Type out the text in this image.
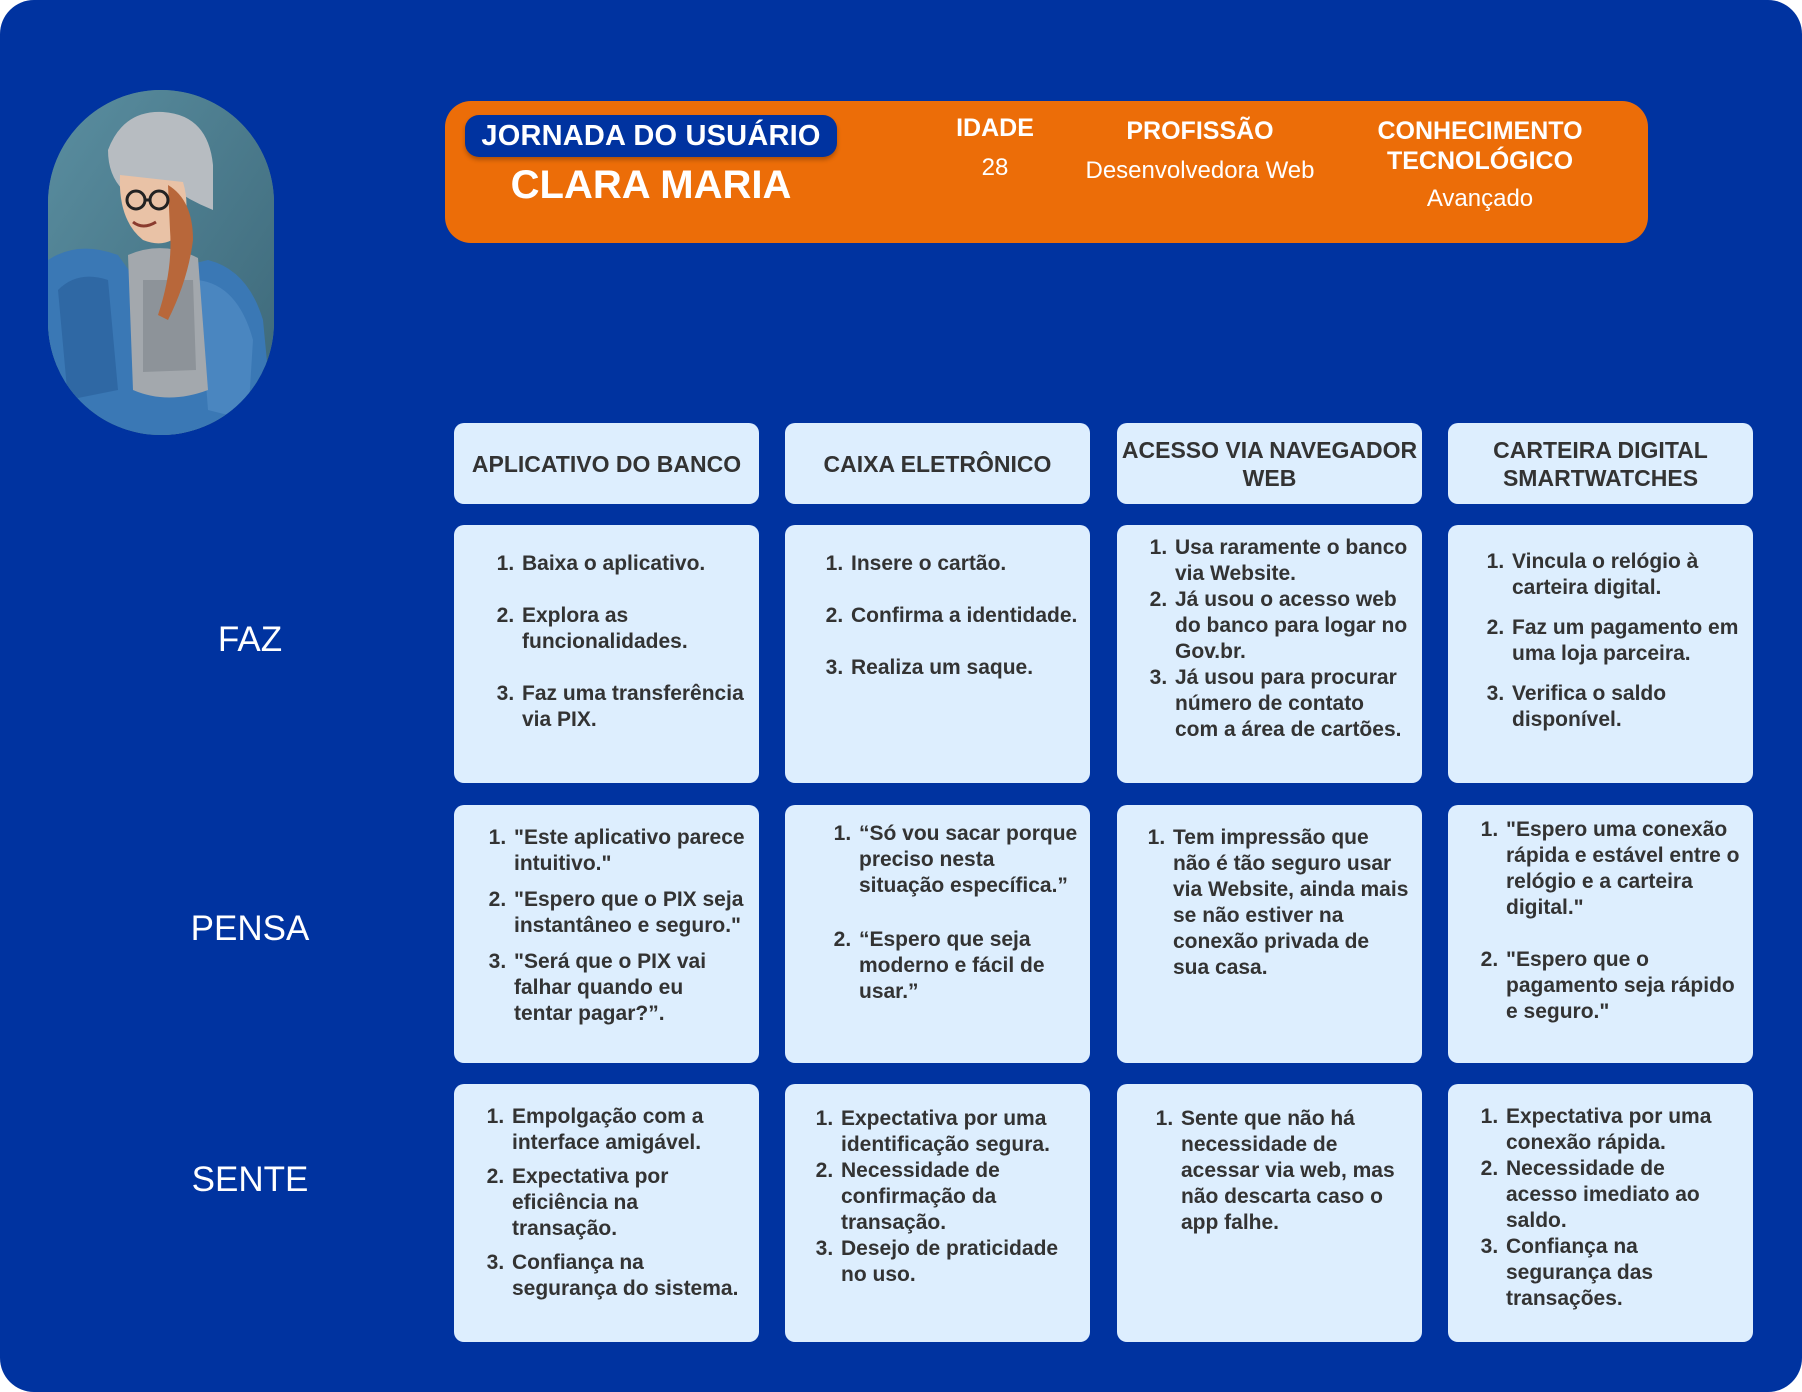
JORNADA DO USUÁRIO
CLARA MARIA
IDADE
28
PROFISSÃO
Desenvolvedora Web
CONHECIMENTO TECNOLÓGICO
Avançado
APLICATIVO DO BANCO	CAIXA ELETRÔNICO
ACESSO VIA NAVEGADOR WEB
CARTEIRA DIGITAL SMARTWATCHES
FAZ
1. Baixa o aplicativo.
2. Explora as funcionalidades.
3. Faz uma transferência via PIX.
1. Insere o cartão.
2. Confirma a identidade.
3. Realiza um saque.
1. Usa raramente o banco via Website.
2. Já usou o acesso web do banco para logar no Gov.br.
3. Já usou para procurar número de contato com a área de cartões.
1. Vincula o relógio à carteira digital.
2. Faz um pagamento em uma loja parceira.
3. Verifica o saldo disponível.
PENSA
1. "Este aplicativo parece intuitivo."
2. "Espero que o PIX seja instantâneo e seguro."
3. "Será que o PIX vai falhar quando eu tentar pagar?”.
1. “Só vou sacar porque preciso nesta situação específica.”
2. “Espero que seja moderno e fácil de usar.”
1. Tem impressão que não é tão seguro usar via Website, ainda mais se não estiver na conexão privada de sua casa.
1. "Espero uma conexão rápida e estável entre o relógio e a carteira digital."
2. "Espero que o pagamento seja rápido e seguro."
SENTE
1. Empolgação com a interface amigável.
2. Expectativa por eficiência na transação.
3. Confiança na segurança do sistema.
1. Expectativa por uma identificação segura.
2. Necessidade de confirmação da transação.
3. Desejo de praticidade no uso.
1. Sente que não há necessidade de acessar via web, mas não descarta caso o app falhe.
1. Expectativa por uma conexão rápida.
2. Necessidade de acesso imediato ao saldo.
3. Confiança na segurança das transações.
